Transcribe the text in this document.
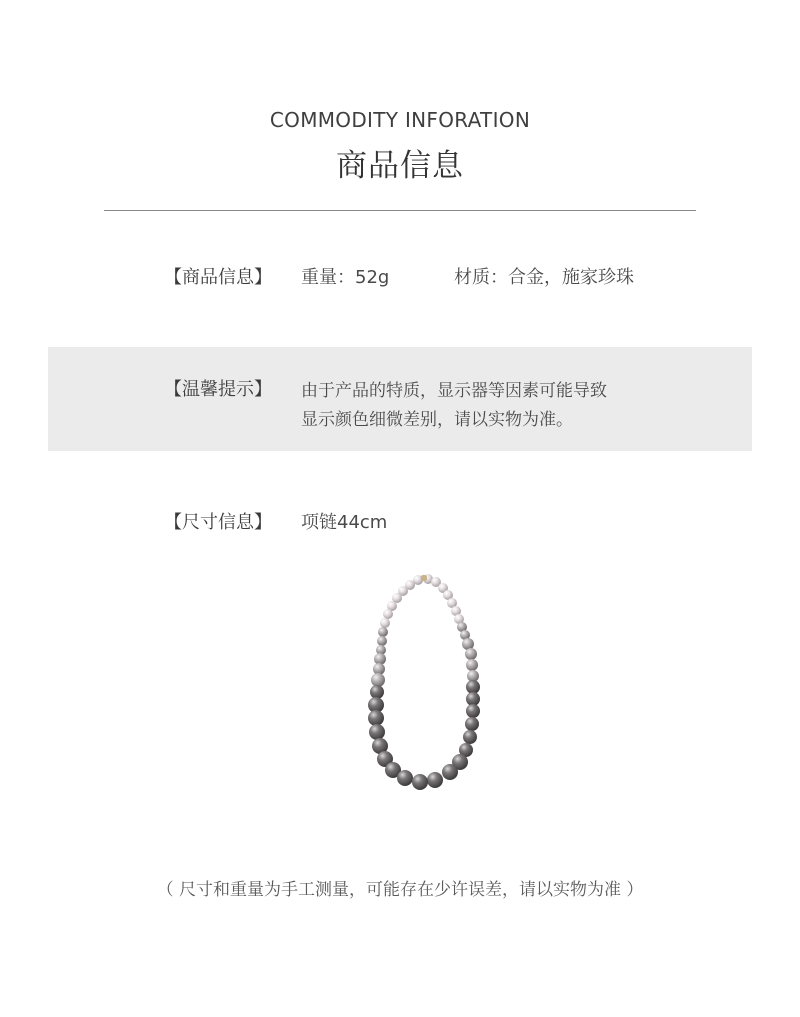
COMMODITY INFORATION
商品信息
【商品信息】 重量：52g	材质：合金，施家珍珠
【温馨提示】 由于产品的特质，显示器等因素可能导致
显示颜色细微差别，请以实物为准。
【尺寸信息】 项链44cm
（ 尺寸和重量为手工测量，可能存在少许误差，请以实物为准 ）
